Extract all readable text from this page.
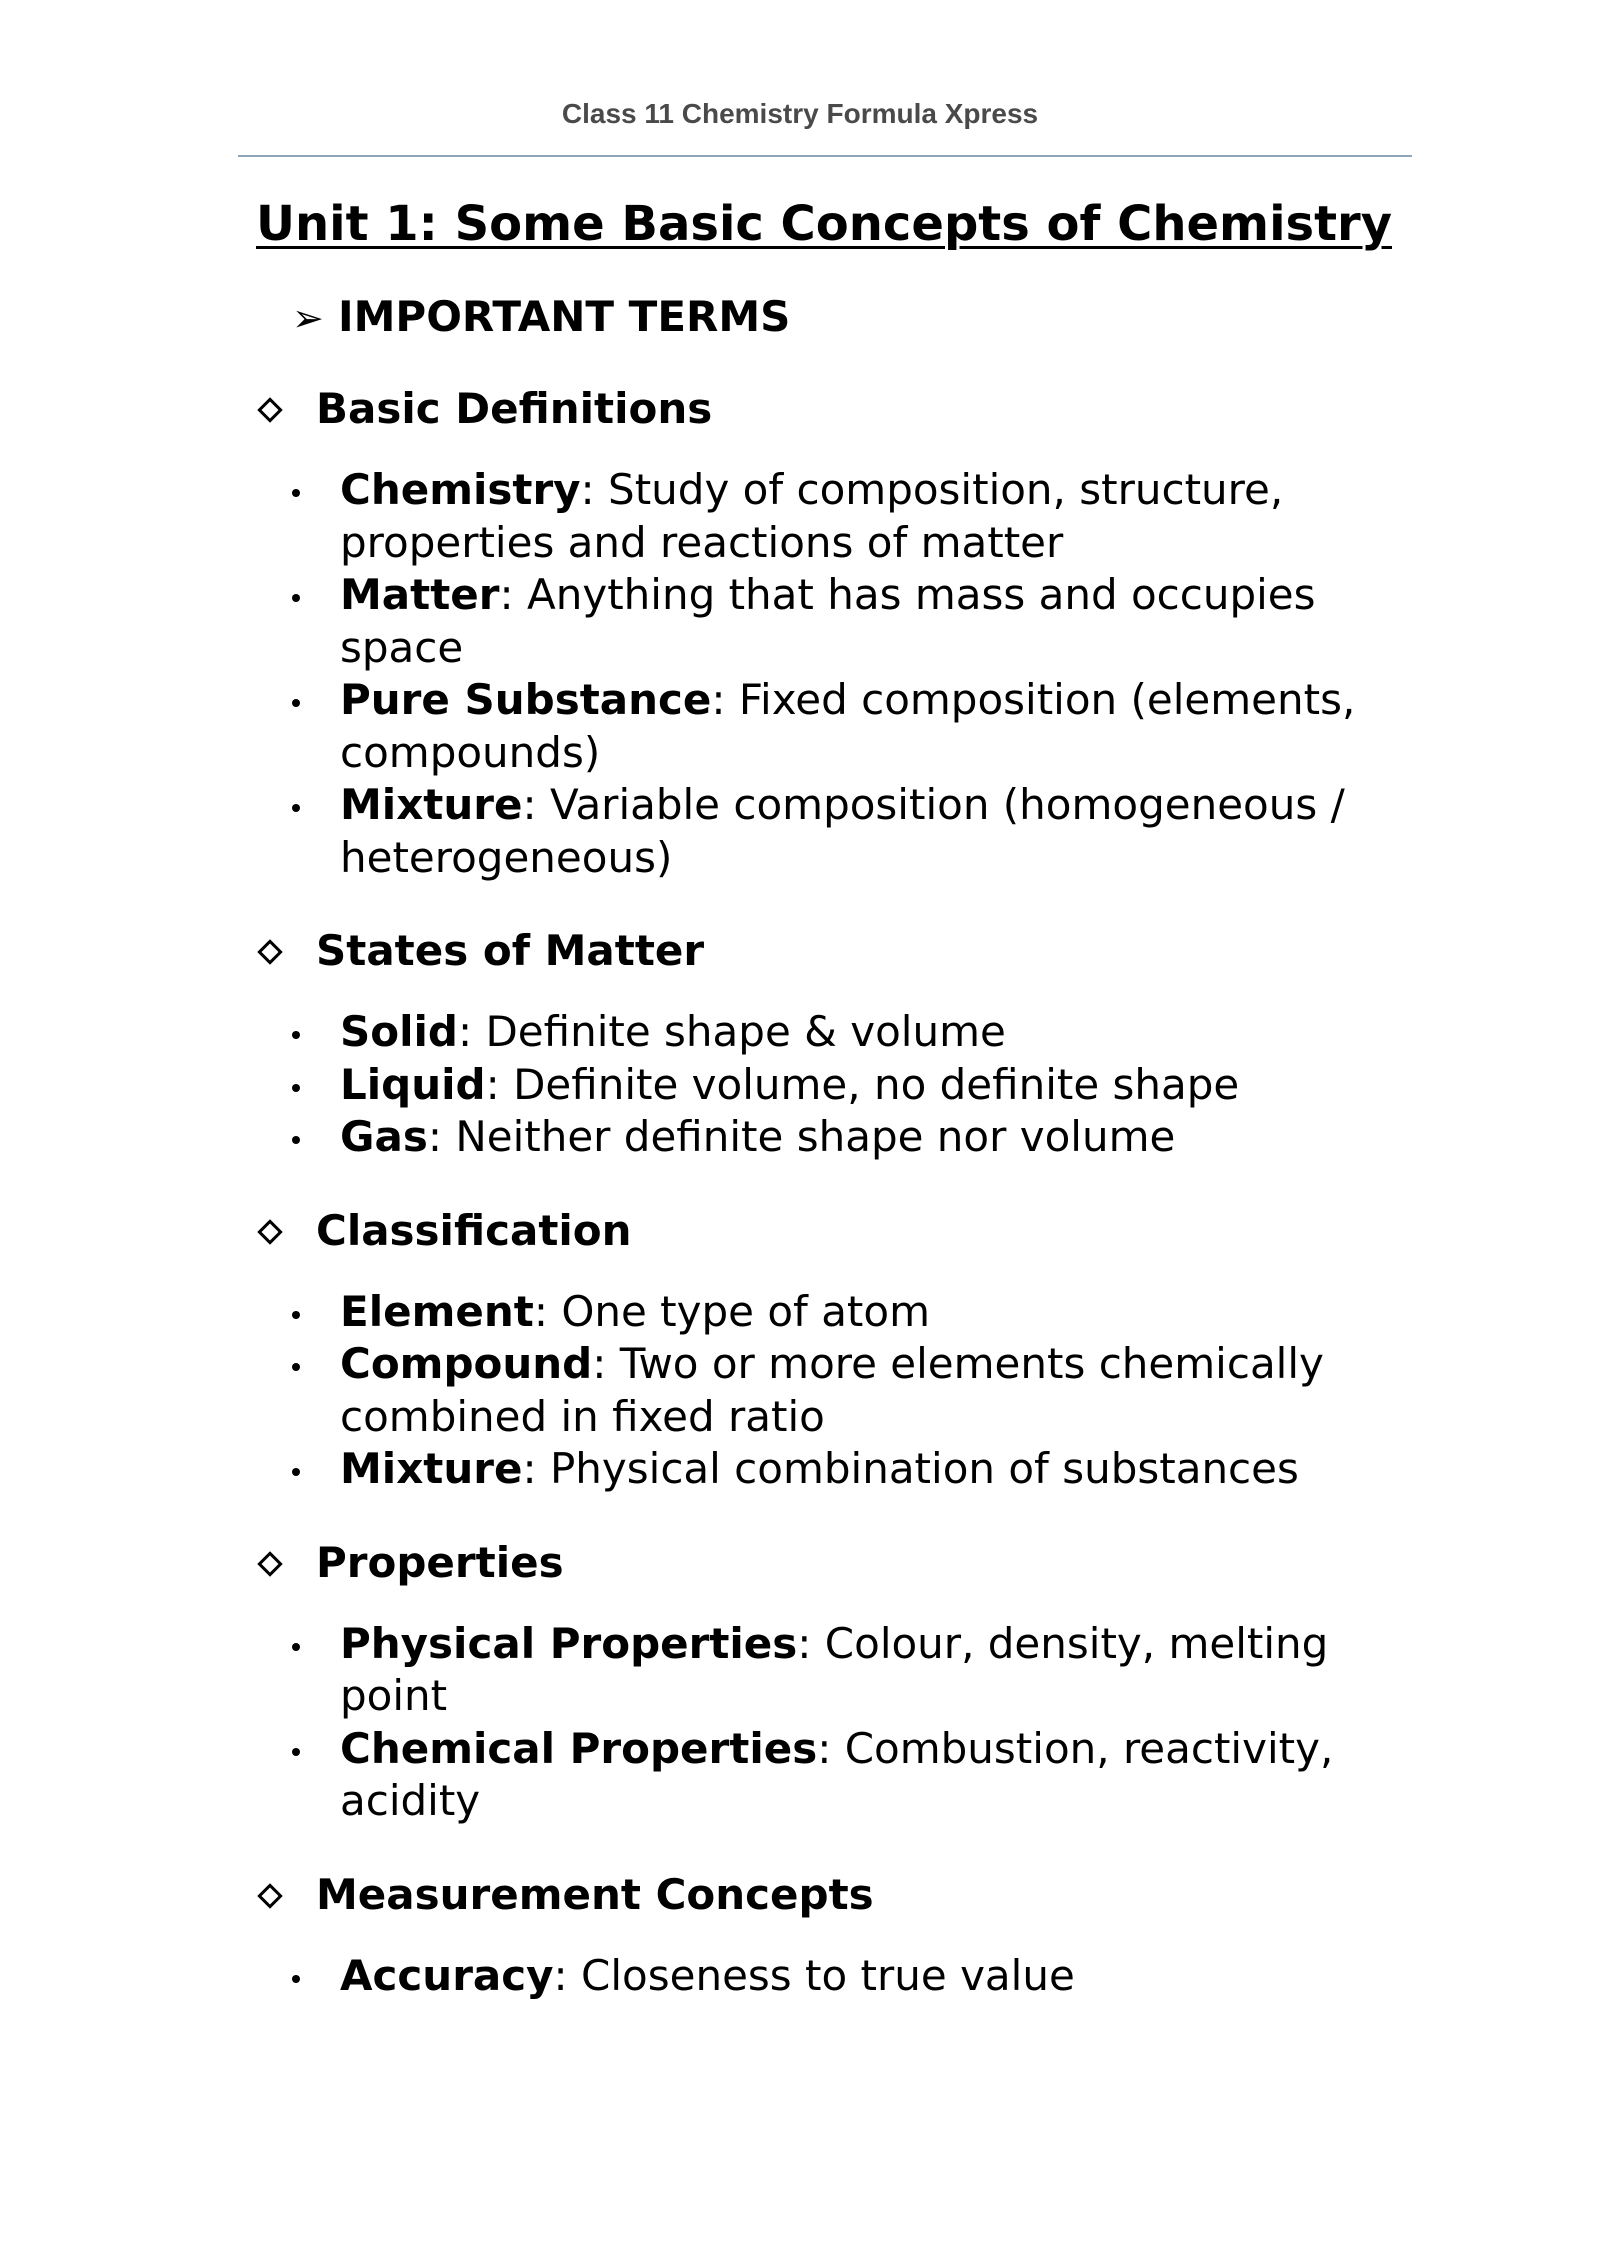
Class 11 Chemistry Formula Xpress
Unit 1: Some Basic Concepts of Chemistry
➢ IMPORTANT TERMS
Basic Definitions
Chemistry: Study of composition, structure, properties and reactions of matter
Matter: Anything that has mass and occupies space
Pure Substance: Fixed composition (elements, compounds)
Mixture: Variable composition (homogeneous / heterogeneous)
States of Matter
Solid: Definite shape & volume
Liquid: Definite volume, no definite shape
Gas: Neither definite shape nor volume
Classification
Element: One type of atom
Compound: Two or more elements chemically combined in fixed ratio
Mixture: Physical combination of substances
Properties
Physical Properties: Colour, density, melting point
Chemical Properties: Combustion, reactivity, acidity
Measurement Concepts
Accuracy: Closeness to true value
